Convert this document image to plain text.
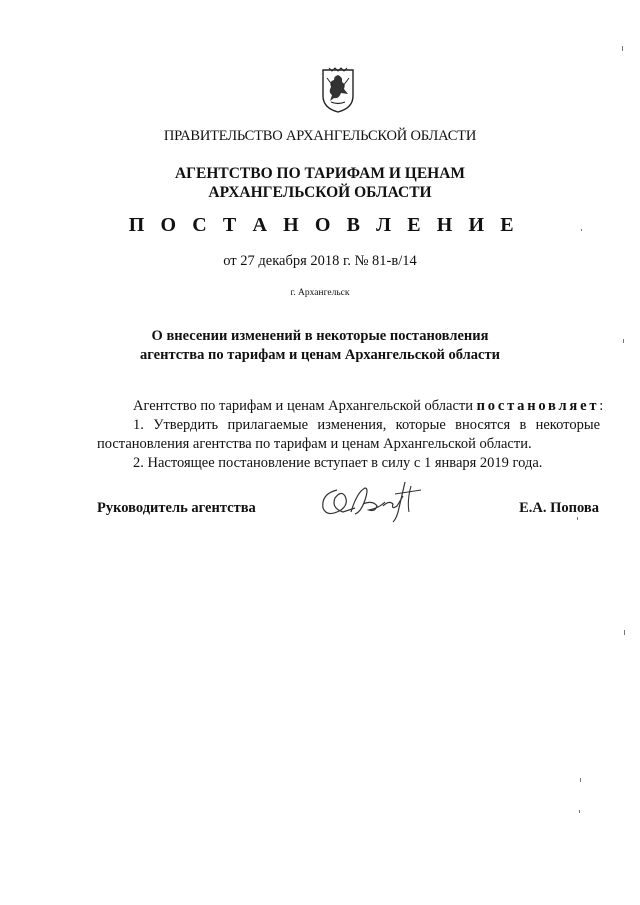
ПРАВИТЕЛЬСТВО АРХАНГЕЛЬСКОЙ ОБЛАСТИ
АГЕНТСТВО ПО ТАРИФАМ И ЦЕНАМ
АРХАНГЕЛЬСКОЙ ОБЛАСТИ
П О С Т А Н О В Л Е Н И Е
от 27 декабря 2018 г. № 81-в/14
г. Архангельск
О внесении изменений в некоторые постановления
агентства по тарифам и ценам Архангельской области
Агентство по тарифам и ценам Архангельской области постановляет:
1. Утвердить прилагаемые изменения, которые вносятся в некоторые постановления агентства по тарифам и ценам Архангельской области.
2. Настоящее постановление вступает в силу с 1 января 2019 года.
Руководитель агентства	Е.А. Попова
